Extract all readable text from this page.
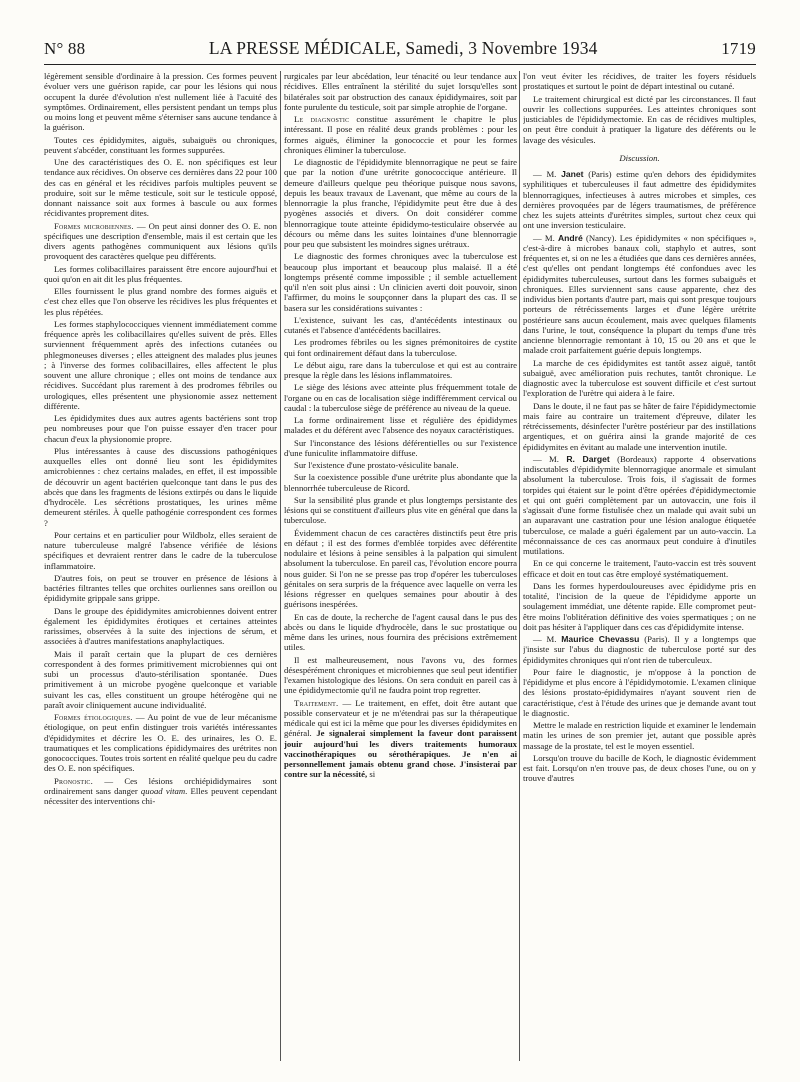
N° 88	LA PRESSE MÉDICALE, Samedi, 3 Novembre 1934	1719

légèrement sensible d'ordinaire à la pression. Ces formes peuvent évoluer vers une guérison rapide, car pour les lésions qui nous occupent la durée d'évolution n'est nullement liée à l'acuité des symptômes. Ordinairement, elles persistent pendant un temps plus ou moins long et peuvent même s'éterniser sans aucune tendance à la guérison.

Toutes ces épididymites, aiguës, subaiguës ou chroniques, peuvent s'abcéder, constituant les formes suppurées.

Une des caractéristiques des O. E. non spécifiques est leur tendance aux récidives. On observe ces dernières dans 22 pour 100 des cas en général et les récidives parfois multiples peuvent se produire, soit sur le même testicule, soit sur le testicule opposé, donnant naissance soit aux formes à bascule ou aux formes récidivantes proprement dites.

Formes microbiennes. — On peut ainsi donner des O. E. non spécifiques une description d'ensemble, mais il est certain que les divers agents pathogènes communiquent aux lésions qu'ils provoquent des caractères quelque peu différents.

Les formes colibacillaires paraissent être encore aujourd'hui et quoi qu'on en ait dit les plus fréquentes.

Elles fournissent le plus grand nombre des formes aiguës et c'est chez elles que l'on observe les récidives les plus fréquentes et les plus répétées.

Les formes staphylococciques viennent immédiatement comme fréquence après les colibacillaires qu'elles suivent de près. Elles surviennent fréquemment après des infections cutanées ou phlegmoneuses diverses ; elles atteignent des malades plus jeunes ; à l'inverse des formes colibacillaires, elles affectent le plus souvent une allure chronique ; elles ont moins de tendance aux récidives. Succédant plus rarement à des prodromes fébriles ou urologiques, elles présentent une physionomie assez nettement différente.

Les épididymites dues aux autres agents bactériens sont trop peu nombreuses pour que l'on puisse essayer d'en tracer pour chacun d'eux la physionomie propre.

Plus intéressantes à cause des discussions pathogéniques auxquelles elles ont donné lieu sont les épididymites amicrobiennes : chez certains malades, en effet, il est impossible de découvrir un agent bactérien quelconque tant dans le pus des abcès que dans les fragments de lésions extirpés ou dans le liquide d'hydrocèle. Les sécrétions prostatiques, les urines même demeurent stériles. À quelle pathogénie correspondent ces formes ?

Pour certains et en particulier pour Wildbolz, elles seraient de nature tuberculeuse malgré l'absence vérifiée de lésions spécifiques et devraient rentrer dans le cadre de la tuberculose inflammatoire.

D'autres fois, on peut se trouver en présence de lésions à bactéries filtrantes telles que orchites ourliennes sans oreillon ou épididymite grippale sans grippe.

Dans le groupe des épididymites amicrobiennes doivent entrer également les épididymites érotiques et certaines atteintes rarissimes, observées à la suite des injections de sérum, et associées à d'autres manifestations anaphylactiques.

Mais il paraît certain que la plupart de ces dernières correspondent à des formes primitivement microbiennes qui ont subi un processus d'auto-stérilisation spontanée. Dues primitivement à un microbe pyogène quelconque et variable suivant les cas, elles constituent un groupe hétérogène qui ne paraît avoir cliniquement aucune individualité.

Formes étiologiques. — Au point de vue de leur mécanisme étiologique, on peut enfin distinguer trois variétés intéressantes d'épididymites et décrire les O. E. des urinaires, les O. E. traumatiques et les complications épididymaires des urétrites non gonococciques. Toutes trois sortent en réalité quelque peu du cadre des O. E. non spécifiques.

Pronostic. — Ces lésions orchiépididymaires sont ordinairement sans danger quoad vitam. Elles peuvent cependant nécessiter des interventions chi-

rurgicales par leur abcédation, leur ténacité ou leur tendance aux récidives. Elles entraînent la stérilité du sujet lorsqu'elles sont bilatérales soit par obstruction des canaux épididymaires, soit par fonte purulente du testicule, soit par simple atrophie de l'organe.

Le diagnostic constitue assurément le chapitre le plus intéressant. Il pose en réalité deux grands problèmes : pour les formes aiguës, éliminer la gonococcie et pour les formes chroniques éliminer la tuberculose.

Le diagnostic de l'épididymite blennorragique ne peut se faire que par la notion d'une urétrite gonococcique antérieure. Il demeure d'ailleurs quelque peu théorique puisque nous savons, depuis les beaux travaux de Lavenant, que même au cours de la blennorragie la plus franche, l'épididymite peut être due à des pyogènes associés et divers. On doit considérer comme blennorragique toute atteinte épididymo-testiculaire observée au décours ou même dans les suites lointaines d'une blennorragie pour peu que subsistent les moindres signes urétraux.

Le diagnostic des formes chroniques avec la tuberculose est beaucoup plus important et beaucoup plus malaisé. Il a été longtemps présenté comme impossible ; il semble actuellement qu'il n'en soit plus ainsi : Un clinicien averti doit pouvoir, sinon l'affirmer, du moins le soupçonner dans la plupart des cas. Il se basera sur les considérations suivantes :

L'existence, suivant les cas, d'antécédents intestinaux ou cutanés et l'absence d'antécédents bacillaires.

Les prodromes fébriles ou les signes prémonitoires de cystite qui font ordinairement défaut dans la tuberculose.

Le début aigu, rare dans la tuberculose et qui est au contraire presque la règle dans les lésions inflammatoires.

Le siège des lésions avec atteinte plus fréquemment totale de l'organe ou en cas de localisation siège indifféremment cervical ou caudal : la tuberculose siège de préférence au niveau de la queue.

La forme ordinairement lisse et régulière des épididymes malades et du déférent avec l'absence des noyaux caractéristiques.

Sur l'inconstance des lésions déférentielles ou sur l'existence d'une funiculite inflammatoire diffuse.

Sur l'existence d'une prostato-vésiculite banale.

Sur la coexistence possible d'une urétrite plus abondante que la blennorrhée tuberculeuse de Ricord.

Sur la sensibilité plus grande et plus longtemps persistante des lésions qui se constituent d'ailleurs plus vite en général que dans la tuberculose.

Évidemment chacun de ces caractères distinctifs peut être pris en défaut ; il est des formes d'emblée torpides avec déférentite nodulaire et lésions à peine sensibles à la palpation qui simulent absolument la tuberculose. En pareil cas, l'évolution encore pourra nous guider. Si l'on ne se presse pas trop d'opérer les tuberculoses génitales on sera surpris de la fréquence avec laquelle on verra les lésions régresser en quelques semaines pour aboutir à des guérisons inespérées.

En cas de doute, la recherche de l'agent causal dans le pus des abcès ou dans le liquide d'hydrocèle, dans le suc prostatique ou même dans les urines, nous fournira des précisions extrêmement utiles.

Il est malheureusement, nous l'avons vu, des formes désespérément chroniques et microbiennes que seul peut identifier l'examen histologique des lésions. On sera conduit en pareil cas à une épididymectomie qu'il ne faudra point trop regretter.

Traitement. — Le traitement, en effet, doit être autant que possible conservateur et je ne m'étendrai pas sur la thérapeutique médicale qui est ici la même que pour les diverses épididymites en général. Je signalerai simplement la faveur dont paraissent jouir aujourd'hui les divers traitements humoraux vaccinothérapiques ou sérothérapiques. Je n'en ai personnellement jamais obtenu grand chose. J'insisterai par contre sur la nécessité, si

l'on veut éviter les récidives, de traiter les foyers résiduels prostatiques et surtout le point de départ intestinal ou cutané.

Le traitement chirurgical est dicté par les circonstances. Il faut ouvrir les collections suppurées. Les atteintes chroniques sont justiciables de l'épididymectomie. En cas de récidives multiples, on peut être conduit à pratiquer la ligature des déférents ou le lavage des vésicules.

Discussion.

— M. Janet (Paris) estime qu'en dehors des épididymites syphilitiques et tuberculeuses il faut admettre des épididymites blennorragiques, infectieuses à autres microbes et simples, ces dernières provoquées par de légers traumatismes, de préférence chez les sujets atteints d'urétrites simples, surtout chez ceux qui ont une inversion testiculaire.

— M. André (Nancy). Les épididymites « non spécifiques », c'est-à-dire à microbes banaux coli, staphylo et autres, sont fréquentes et, si on ne les a étudiées que dans ces dernières années, c'est qu'elles ont pendant longtemps été confondues avec les épididymites tuberculeuses, surtout dans les formes subaiguës et chroniques. Elles surviennent sans cause apparente, chez des individus bien portants d'autre part, mais qui sont presque toujours porteurs de rétrécissements larges et d'une légère urétrite postérieure sans aucun écoulement, mais avec quelques filaments dans l'urine, le tout, conséquence la plupart du temps d'une très ancienne blennorragie remontant à 10, 15 ou 20 ans et que le malade croit parfaitement guérie depuis longtemps.

La marche de ces épididymites est tantôt assez aiguë, tantôt subaiguë, avec amélioration puis rechutes, tantôt chronique. Le diagnostic avec la tuberculose est souvent difficile et c'est surtout l'exploration de l'urètre qui aidera à le faire.

Dans le doute, il ne faut pas se hâter de faire l'épididymectomie mais faire au contraire un traitement d'épreuve, dilater les rétrécissements, désinfecter l'urètre postérieur par des instillations argentiques, et on guérira ainsi la grande majorité de ces épididymites en évitant au malade une intervention inutile.

— M. R. Darget (Bordeaux) rapporte 4 observations indiscutables d'épididymite blennorragique anormale et simulant absolument la tuberculose. Trois fois, il s'agissait de formes torpides qui étaient sur le point d'être opérées d'épididymectomie et qui ont guéri complètement par un autovaccin, une fois il s'agissait d'une forme fistulisée chez un malade qui avait subi un an auparavant une castration pour une lésion analogue étiquetée tuberculose, ce malade a guéri également par un auto-vaccin. La méconnaissance de ces cas anormaux peut conduire à d'inutiles mutilations.

En ce qui concerne le traitement, l'auto-vaccin est très souvent efficace et doit en tout cas être employé systématiquement.

Dans les formes hyperdouloureuses avec épididyme pris en totalité, l'incision de la queue de l'épididyme apporte un soulagement immédiat, une détente rapide. Elle compromet peut-être moins l'oblitération définitive des voies spermatiques ; on ne doit pas hésiter à l'appliquer dans ces cas d'épididymite intense.

— M. Maurice Chevassu (Paris). Il y a longtemps que j'insiste sur l'abus du diagnostic de tuberculose porté sur des épididymites chroniques qui n'ont rien de tuberculeux.

Pour faire le diagnostic, je m'oppose à la ponction de l'épididyme et plus encore à l'épididymotomie. L'examen clinique des lésions prostato-épididymaires n'ayant souvent rien de caractéristique, c'est à l'étude des urines que je demande avant tout le diagnostic.

Mettre le malade en restriction liquide et examiner le lendemain matin les urines de son premier jet, autant que possible après massage de la prostate, tel est le moyen essentiel.

Lorsqu'on trouve du bacille de Koch, le diagnostic évidemment est fait. Lorsqu'on n'en trouve pas, de deux choses l'une, ou on y trouve d'autres
